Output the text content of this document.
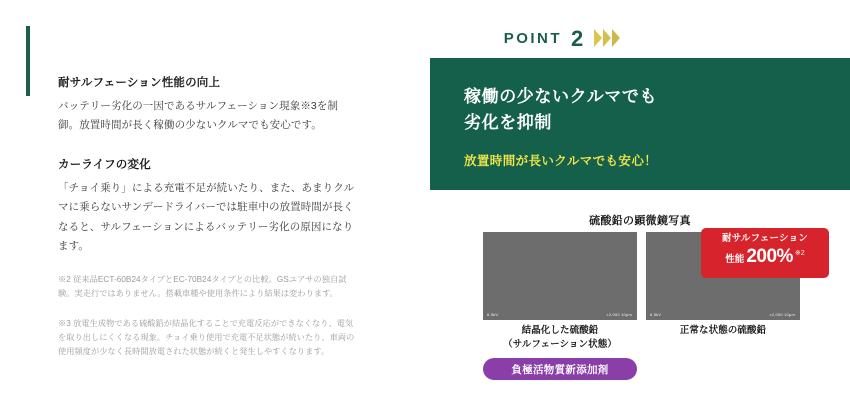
耐サルフェーション性能の向上
バッテリー劣化の一因であるサルフェーション現象※3を制御。放置時間が長く稼働の少ないクルマでも安心です。
カーライフの変化
「チョイ乗り」による充電不足が続いたり、また、あまりクルマに乗らないサンデードライバーでは駐車中の放置時間が長くなると、サルフェーションによるバッテリー劣化の原因になります。
※2 従来品ECT-60B24タイプとEC-70B24タイプとの比較。GSユアサの独自試験。実走行ではありません。搭載車種や使用条件により結果は変わります。
※3 放電生成物である硫酸鉛が結晶化することで充電反応ができなくなり、電気を取り出しにくくなる現象。チョイ乗り使用で充電不足状態が続いたり、車両の使用頻度が少なく長時間放電された状態が続くと発生しやすくなります。
POINT 2
稼働の少ないクルマでも
劣化を抑制
放置時間が長いクルマでも安心！
硫酸鉛の顕微鏡写真
6.5kV	×2,000 10μm	6.5kV	×2,000 10μm
結晶化した硫酸鉛
（サルフェーション状態）
正常な状態の硫酸鉛
耐サルフェーション
性能 200% ※2
負極活物質新添加剤
